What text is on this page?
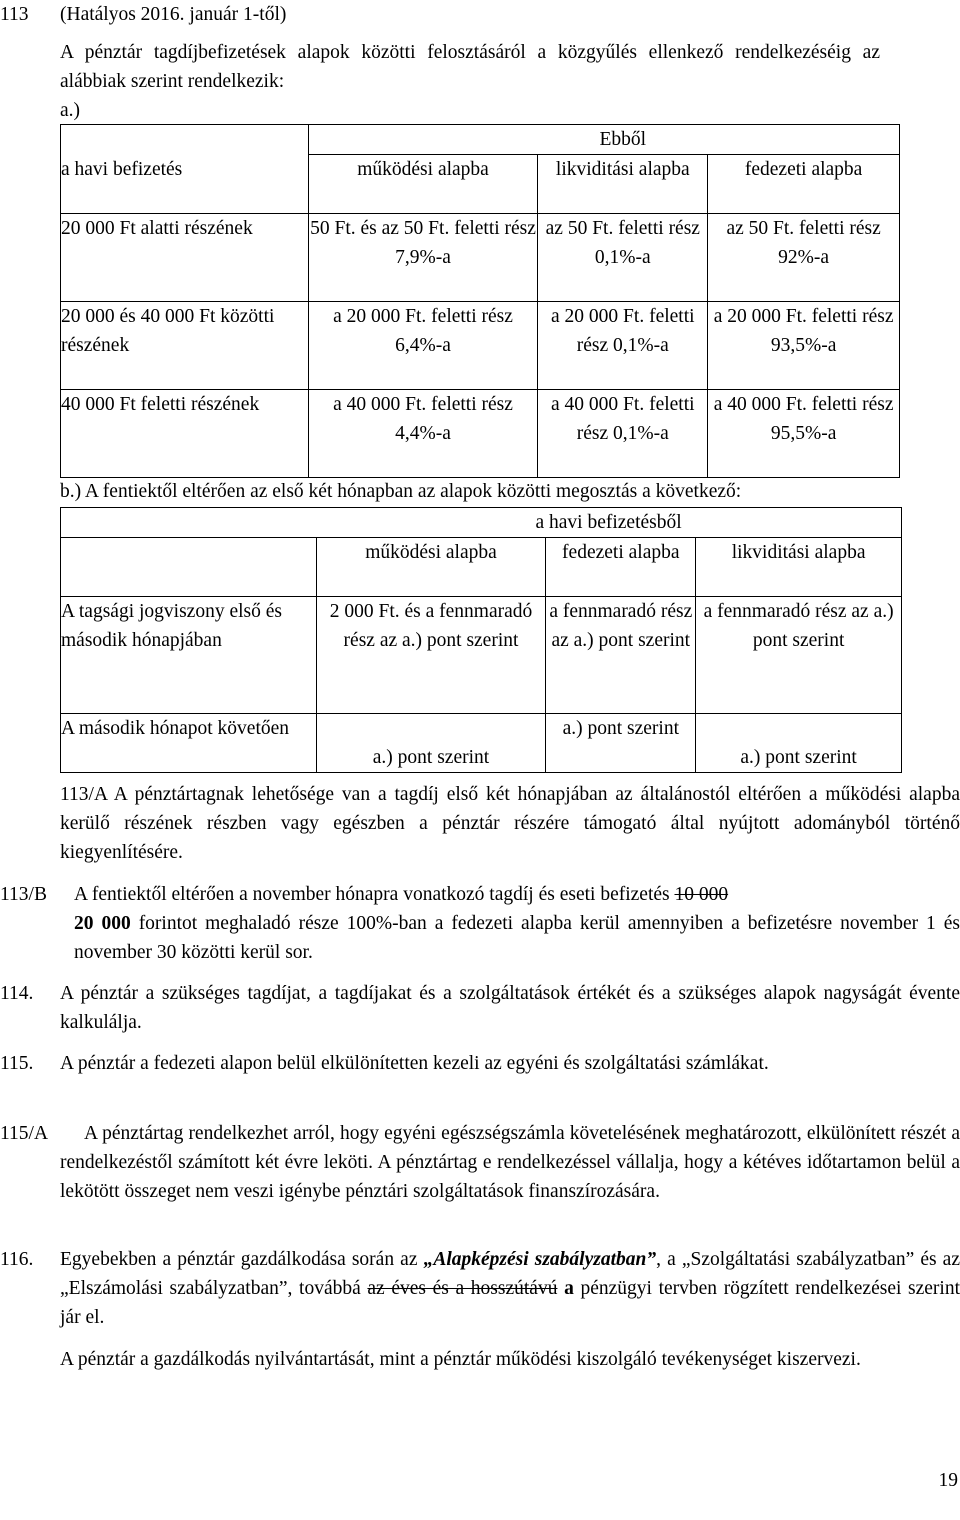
113 (Hatályos 2016. január 1-től)
A pénztár tagdíjbefizetések alapok közötti felosztásáról a közgyűlés ellenkező rendelkezéséig az alábbiak szerint rendelkezik:
a.)
a havi befizetés		Ebből	
	működési alapba	likviditási alapba	fedezeti alapba
20 000 Ft alatti részének	50 Ft. és az 50 Ft. feletti rész 7,9%-a	az 50 Ft. feletti rész 0,1%-a	az 50 Ft. feletti rész 92%-a
20 000 és 40 000 Ft közötti részének	a 20 000 Ft. feletti rész 6,4%-a	a 20 000 Ft. feletti rész 0,1%-a	a 20 000 Ft. feletti rész 93,5%-a
40 000 Ft feletti részének	a 40 000 Ft. feletti rész 4,4%-a	a 40 000 Ft. feletti rész 0,1%-a	a 40 000 Ft. feletti rész 95,5%-a
b.) A fentiektől eltérően az első két hónapban az alapok közötti megosztás a következő:
	a havi befizetésből		
	működési alapba	fedezeti alapba	likviditási alapba
A tagsági jogviszony első és második hónapjában	2 000 Ft. és a fennmaradó rész az a.) pont szerint	a fennmaradó rész az a.) pont szerint	a fennmaradó rész az a.) pont szerint
A második hónapot követően	a.) pont szerint	a.) pont szerint	a.) pont szerint
113/A A pénztártagnak lehetősége van a tagdíj első két hónapjában az általánostól eltérően a működési alapba kerülő részének részben vagy egészben a pénztár részére támogató által nyújtott adományból történő kiegyenlítésére.
113/B A fentiektől eltérően a november hónapra vonatkozó tagdíj és eseti befizetés 10 000
20 000 forintot meghaladó része 100%-ban a fedezeti alapba kerül amennyiben a befizetésre november 1 és november 30 közötti kerül sor.
114. A pénztár a szükséges tagdíjat, a tagdíjakat és a szolgáltatások értékét és a szükséges alapok nagyságát évente kalkulálja.
115. A pénztár a fedezeti alapon belül elkülönítetten kezeli az egyéni és szolgáltatási számlákat.
115/A	A pénztártag rendelkezhet arról, hogy egyéni egészségszámla követelésének meghatározott, elkülönített részét a rendelkezéstől számított két évre leköti. A pénztártag e rendelkezéssel vállalja, hogy a kétéves időtartamon belül a lekötött összeget nem veszi igénybe pénztári szolgáltatások finanszírozására.
116. Egyebekben a pénztár gazdálkodása során az „Alapképzési szabályzatban”, a „Szolgáltatási szabályzatban” és az „Elszámolási szabályzatban”, továbbá az éves és a hosszútávú a pénzügyi tervben rögzített rendelkezései szerint jár el.
A pénztár a gazdálkodás nyilvántartását, mint a pénztár működési kiszolgáló tevékenységet kiszervezi.
19
